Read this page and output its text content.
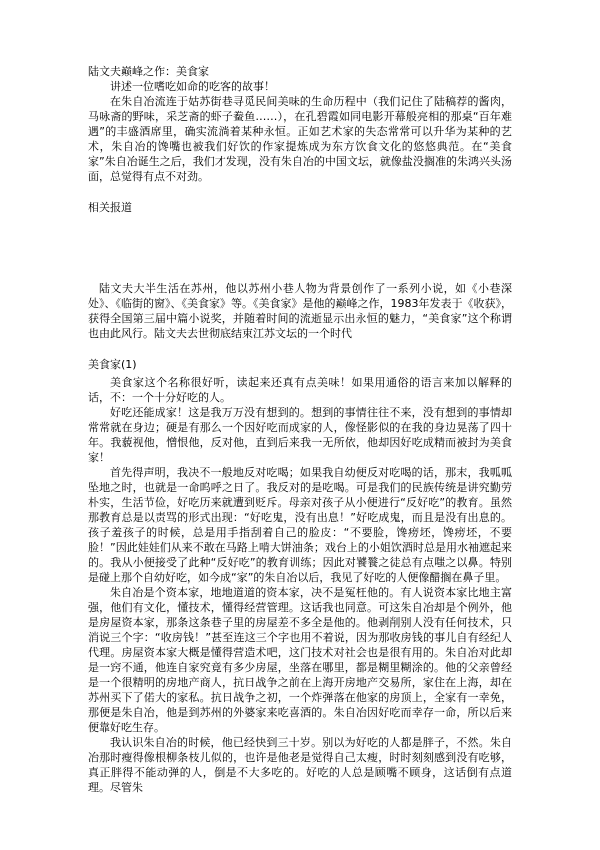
陆文夫巅峰之作：美食家

讲述一位嗜吃如命的吃客的故事！

在朱自冶流连于姑苏街巷寻觅民间美味的生命历程中（我们记住了陆稿荐的酱肉，马咏斋的野味，采芝斋的虾子鲞鱼……），在孔碧霞如同电影开幕般亮相的那桌“百年难遇”的丰盛酒席里，确实流淌着某种永恒。正如艺术家的失态常常可以升华为某种的艺术，朱自冶的馋嘴也被我们好饮的作家提炼成为东方饮食文化的悠悠典范。在“美食家”朱自冶诞生之后，我们才发现，没有朱自冶的中国文坛，就像盐没搁准的朱鸿兴头汤面，总觉得有点不对劲。

相关报道

陆文夫大半生活在苏州，他以苏州小巷人物为背景创作了一系列小说，如《小巷深处》、《临街的窗》、《美食家》等。《美食家》是他的巅峰之作，1983年发表于《收获》，获得全国第三届中篇小说奖，并随着时间的流逝显示出永恒的魅力，“美食家”这个称谓也由此风行。陆文夫去世彻底结束江苏文坛的一个时代

美食家(1)

美食家这个名称很好听，读起来还真有点美味！如果用通俗的语言来加以解释的话，不：一个十分好吃的人。

好吃还能成家！这是我万万没有想到的。想到的事情往往不来，没有想到的事情却常常就在身边；硬是有那么一个因好吃而成家的人，像怪影似的在我的身边晃荡了四十年。我藐视他，憎恨他，反对他，直到后来我一无所依，他却因好吃成精而被封为美食家！

首先得声明，我决不一般地反对吃喝；如果我自幼便反对吃喝的话，那末，我呱呱坠地之时，也就是一命呜呼之日了。我反对的是吃喝。可是我们的民族传统是讲究勤劳朴实，生活节俭，好吃历来就遭到贬斥。母亲对孩子从小便进行“反好吃”的教育。虽然那教育总是以责骂的形式出现：“好吃鬼，没有出息！”好吃成鬼，而且是没有出息的。孩子羞孩子的时候，总是用手指刮着自己的脸皮：“不要脸，馋痨坯，馋痨坯，不要脸！”因此娃娃们从来不敢在马路上啃大饼油条；戏台上的小姐饮酒时总是用水袖遮起来的。我从小便接受了此种“反好吃”的教育训练；因此对饕餮之徒总有点嗤之以鼻。特别是碰上那个自幼好吃，如今成“家”的朱自冶以后，我见了好吃的人便像醋搁在鼻子里。

朱自冶是个资本家，地地道道的资本家，决不是冤枉他的。有人说资本家比地主富强，他们有文化，懂技术，懂得经营管理。这话我也同意。可这朱自冶却是个例外，他是房屋资本家，那条这条巷子里的房屋差不多全是他的。他剥削别人没有任何技术，只消说三个字：“收房钱！”甚至连这三个字也用不着说，因为那收房钱的事儿自有经纪人代理。房屋资本家大概是懂得营造术吧，这门技术对社会也是很有用的。朱自冶对此却是一窍不通，他连自家究竟有多少房屋，坐落在哪里，都是糊里糊涂的。他的父亲曾经是一个很精明的房地产商人，抗日战争之前在上海开房地产交易所，家住在上海，却在苏州买下了偌大的家私。抗日战争之初，一个炸弹落在他家的房顶上，全家有一幸免，那便是朱自冶，他是到苏州的外婆家来吃喜酒的。朱自冶因好吃而幸存一命，所以后来便靠好吃生存。

我认识朱自冶的时候，他已经快到三十岁。别以为好吃的人都是胖子，不然。朱自冶那时瘦得像根柳条枝儿似的，也许是他老是觉得自己太瘦，时时刻刻感到没有吃够，真正胖得不能动弹的人，倒是不大多吃的。好吃的人总是顾嘴不顾身，这话倒有点道理。尽管朱
